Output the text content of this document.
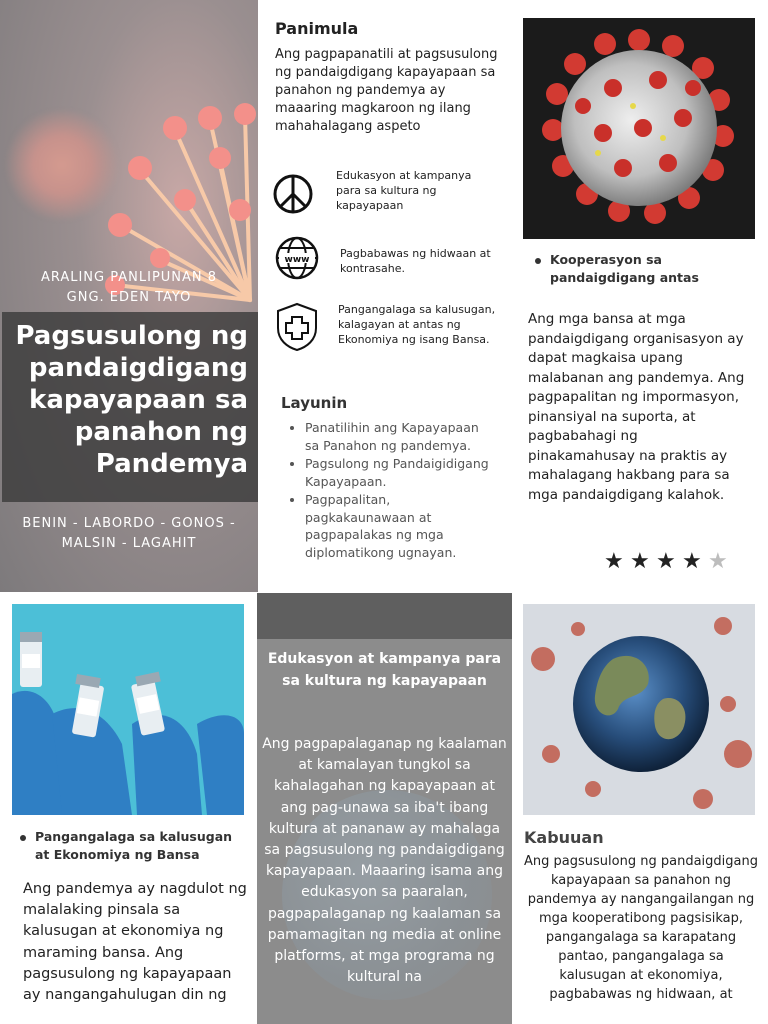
ARALING PANLIPUNAN 8
GNG. EDEN TAYO
Pagsusulong ng pandaigdigang kapayapaan sa panahon ng Pandemya
BENIN - LABORDO - GONOS - MALSIN - LAGAHIT
Panimula
Ang pagpapanatili at pagsusulong ng pandaigdigang kapayapaan sa panahon ng pandemya ay maaaring magkaroon ng ilang mahahalagang aspeto
Edukasyon at kampanya para sa kultura ng kapayapaan
www	Pagbabawas ng hidwaan at kontrasahe.
Pangangalaga sa kalusugan, kalagayan at antas ng Ekonomiya ng isang Bansa.
Layunin
• Panatilihin ang Kapayapaan sa Panahon ng pandemya.
• Pagsulong ng Pandaigidigang Kapayapaan.
• Pagpapalitan, pagkakaunawaan at pagpapalakas ng mga diplomatikong ugnayan.
Kooperasyon sa pandaigdigang antas
Ang mga bansa at mga pandaigdigang organisasyon ay dapat magkaisa upang malabanan ang pandemya. Ang pagpapalitan ng impormasyon, pinansiyal na suporta, at pagbabahagi ng pinakamahusay na praktis ay mahalagang hakbang para sa mga pandaigdigang kalahok.
★ ★ ★ ★ ★
Pangangalaga sa kalusugan at Ekonomiya ng Bansa
Ang pandemya ay nagdulot ng malalaking pinsala sa kalusugan at ekonomiya ng maraming bansa. Ang pagsusulong ng kapayapaan ay nangangahulugan din ng
Edukasyon at kampanya para sa kultura ng kapayapaan
Ang pagpapalaganap ng kaalaman at kamalayan tungkol sa kahalagahan ng kapayapaan at ang pag-unawa sa iba't ibang kultura at pananaw ay mahalaga sa pagsusulong ng pandaigdigang kapayapaan. Maaaring isama ang edukasyon sa paaralan, pagpapalaganap ng kaalaman sa pamamagitan ng media at online platforms, at mga programa ng kultural na
Kabuuan
Ang pagsusulong ng pandaigdigang kapayapaan sa panahon ng pandemya ay nangangailangan ng mga kooperatibong pagsisikap, pangangalaga sa karapatang pantao, pangangalaga sa kalusugan at ekonomiya, pagbabawas ng hidwaan, at
